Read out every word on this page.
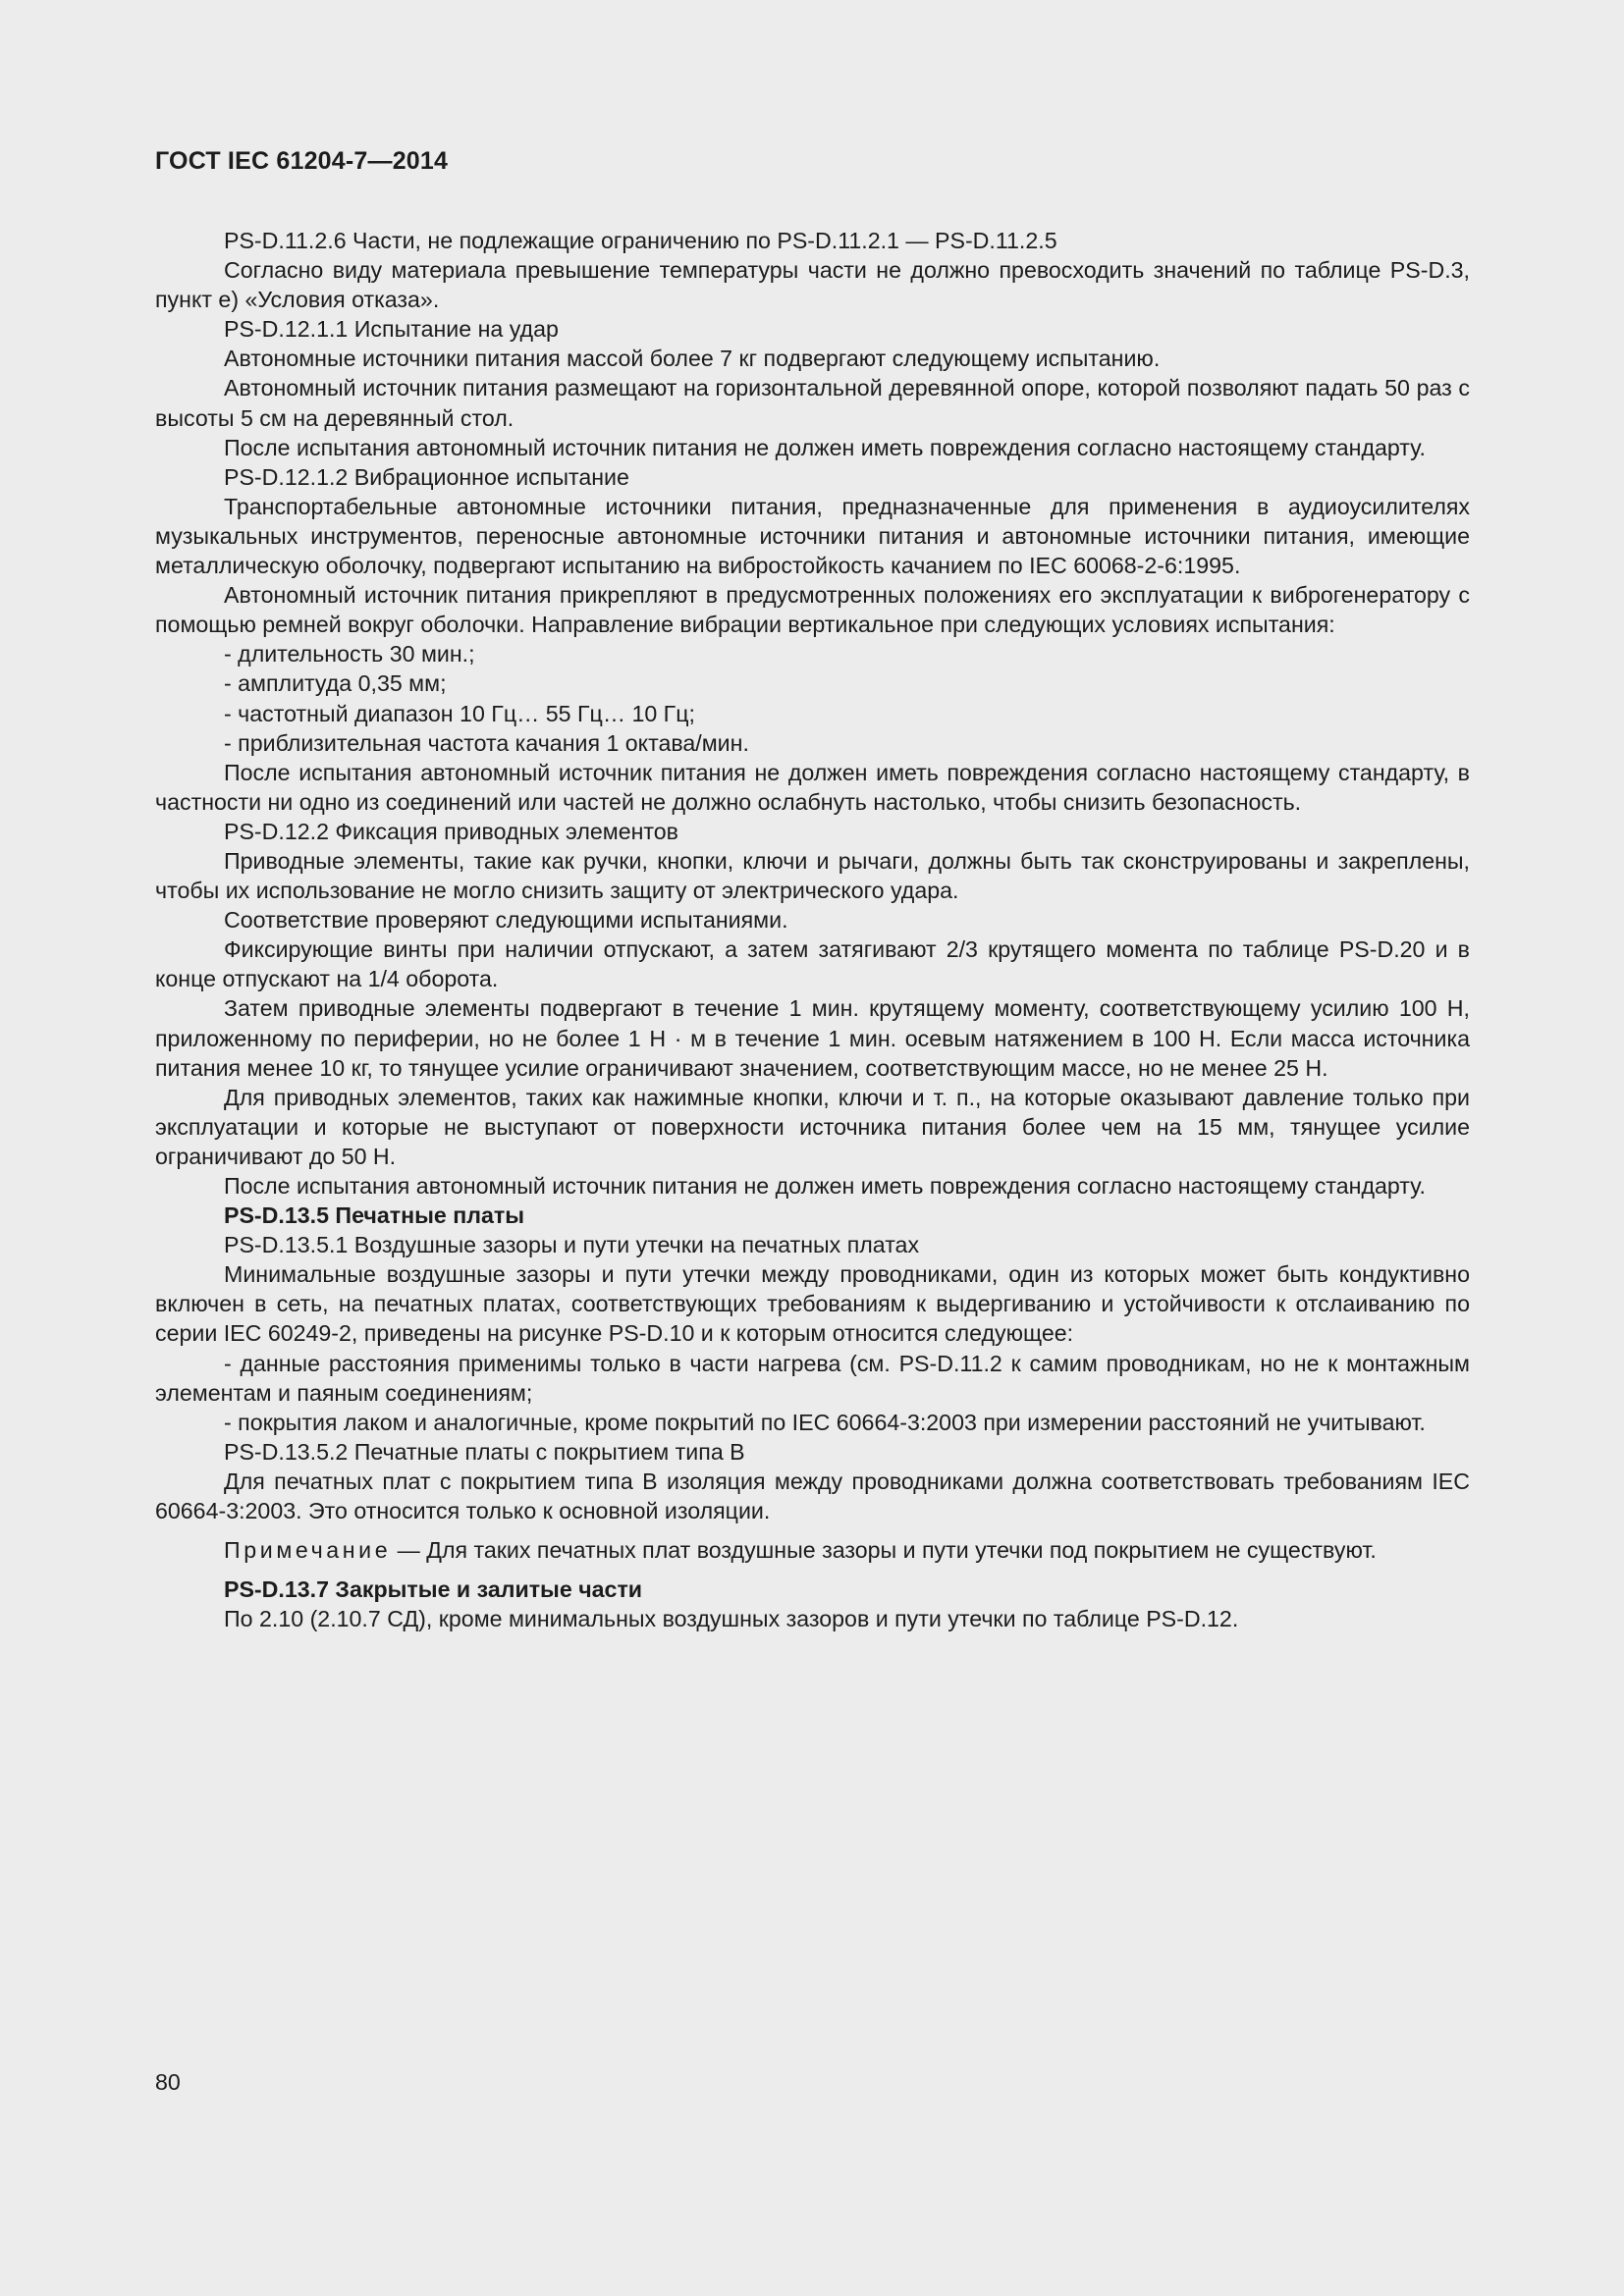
ГОСТ IEC 61204-7—2014

PS-D.11.2.6 Части, не подлежащие ограничению по PS-D.11.2.1 — PS-D.11.2.5

Согласно виду материала превышение температуры части не должно превосходить значений по таблице PS-D.3, пункт е) «Условия отказа».

PS-D.12.1.1 Испытание на удар

Автономные источники питания массой более 7 кг подвергают следующему испытанию.

Автономный источник питания размещают на горизонтальной деревянной опоре, которой позволяют падать 50 раз с высоты 5 см на деревянный стол.

После испытания автономный источник питания не должен иметь повреждения согласно настоящему стандарту.

PS-D.12.1.2 Вибрационное испытание

Транспортабельные автономные источники питания, предназначенные для применения в аудиоусилителях музыкальных инструментов, переносные автономные источники питания и автономные источники питания, имеющие металлическую оболочку, подвергают испытанию на вибростойкость качанием по IEC 60068-2-6:1995.

Автономный источник питания прикрепляют в предусмотренных положениях его эксплуатации к виброгенератору с помощью ремней вокруг оболочки. Направление вибрации вертикальное при следующих условиях испытания:

- длительность 30 мин.;

- амплитуда 0,35 мм;

- частотный диапазон 10 Гц… 55 Гц… 10 Гц;

- приблизительная частота качания 1 октава/мин.

После испытания автономный источник питания не должен иметь повреждения согласно настоящему стандарту, в частности ни одно из соединений или частей не должно ослабнуть настолько, чтобы снизить безопасность.

PS-D.12.2 Фиксация приводных элементов

Приводные элементы, такие как ручки, кнопки, ключи и рычаги, должны быть так сконструированы и закреплены, чтобы их использование не могло снизить защиту от электрического удара.

Соответствие проверяют следующими испытаниями.

Фиксирующие винты при наличии отпускают, а затем затягивают 2/3 крутящего момента по таблице PS-D.20 и в конце отпускают на 1/4 оборота.

Затем приводные элементы подвергают в течение 1 мин. крутящему моменту, соответствующему усилию 100 Н, приложенному по периферии, но не более 1 Н · м в течение 1 мин. осевым натяжением в 100 Н. Если масса источника питания менее 10 кг, то тянущее усилие ограничивают значением, соответствующим массе, но не менее 25 Н.

Для приводных элементов, таких как нажимные кнопки, ключи и т. п., на которые оказывают давление только при эксплуатации и которые не выступают от поверхности источника питания более чем на 15 мм, тянущее усилие ограничивают до 50 Н.

После испытания автономный источник питания не должен иметь повреждения согласно настоящему стандарту.

PS-D.13.5 Печатные платы

PS-D.13.5.1 Воздушные зазоры и пути утечки на печатных платах

Минимальные воздушные зазоры и пути утечки между проводниками, один из которых может быть кондуктивно включен в сеть, на печатных платах, соответствующих требованиям к выдергиванию и устойчивости к отслаиванию по серии IEC 60249-2, приведены на рисунке PS-D.10 и к которым относится следующее:

- данные расстояния применимы только в части нагрева (см. PS-D.11.2 к самим проводникам, но не к монтажным элементам и паяным соединениям;

- покрытия лаком и аналогичные, кроме покрытий по IEC 60664-3:2003 при измерении расстояний не учитывают.

PS-D.13.5.2 Печатные платы с покрытием типа В

Для печатных плат с покрытием типа В изоляция между проводниками должна соответствовать требованиям IEC 60664-3:2003. Это относится только к основной изоляции.

Примечание — Для таких печатных плат воздушные зазоры и пути утечки под покрытием не существуют.

PS-D.13.7 Закрытые и залитые части

По 2.10 (2.10.7 СД), кроме минимальных воздушных зазоров и пути утечки по таблице PS-D.12.

80
